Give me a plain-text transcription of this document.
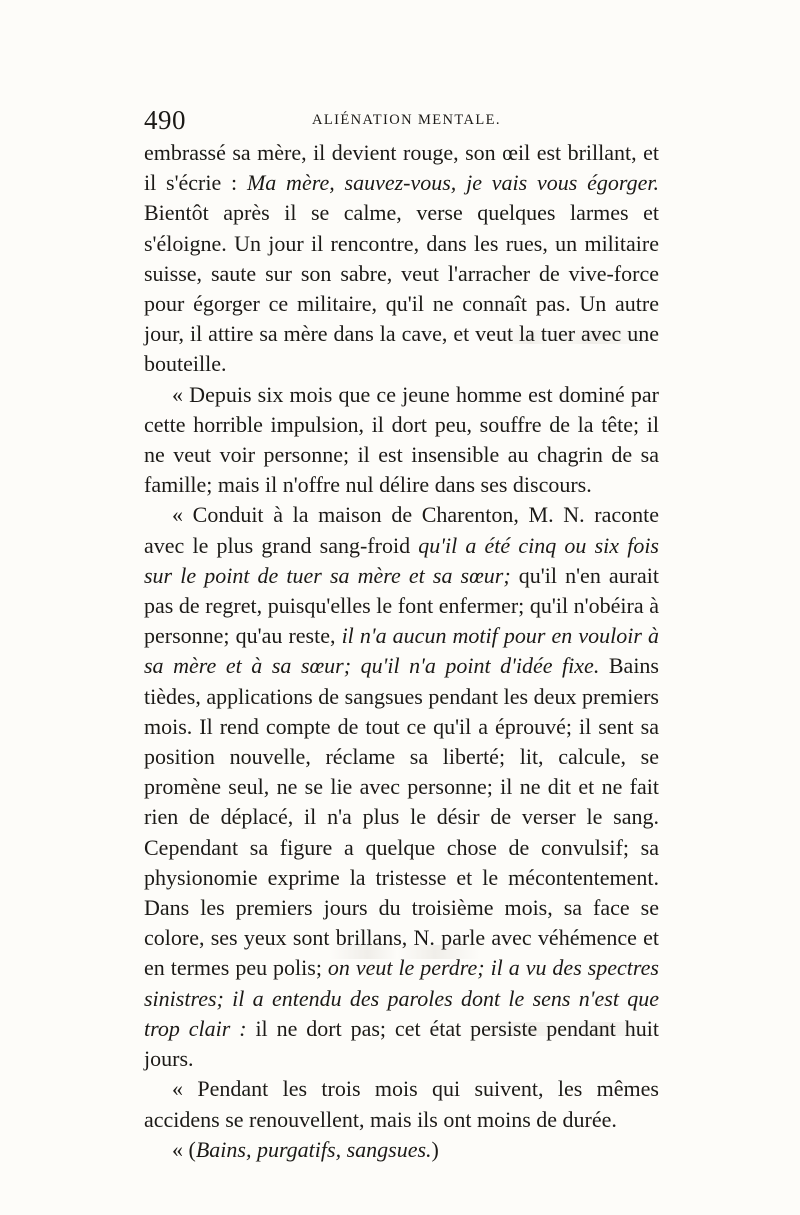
490	ALIÉNATION MENTALE.

embrassé sa mère, il devient rouge, son œil est brillant, et il s'écrie : Ma mère, sauvez-vous, je vais vous égorger. Bientôt après il se calme, verse quelques larmes et s'éloigne. Un jour il rencontre, dans les rues, un militaire suisse, saute sur son sabre, veut l'arracher de vive-force pour égorger ce militaire, qu'il ne connaît pas. Un autre jour, il attire sa mère dans la cave, et veut la tuer avec une bouteille.

« Depuis six mois que ce jeune homme est dominé par cette horrible impulsion, il dort peu, souffre de la tête; il ne veut voir personne; il est insensible au chagrin de sa famille; mais il n'offre nul délire dans ses discours.

« Conduit à la maison de Charenton, M. N. raconte avec le plus grand sang-froid qu'il a été cinq ou six fois sur le point de tuer sa mère et sa sœur; qu'il n'en aurait pas de regret, puisqu'elles le font enfermer; qu'il n'obéira à personne; qu'au reste, il n'a aucun motif pour en vouloir à sa mère et à sa sœur; qu'il n'a point d'idée fixe. Bains tièdes, applications de sangsues pendant les deux premiers mois. Il rend compte de tout ce qu'il a éprouvé; il sent sa position nouvelle, réclame sa liberté; lit, calcule, se promène seul, ne se lie avec personne; il ne dit et ne fait rien de déplacé, il n'a plus le désir de verser le sang. Cependant sa figure a quelque chose de convulsif; sa physionomie exprime la tristesse et le mécontentement. Dans les premiers jours du troisième mois, sa face se colore, ses yeux sont brillans, N. parle avec véhémence et en termes peu polis; on veut le perdre; il a vu des spectres sinistres; il a entendu des paroles dont le sens n'est que trop clair : il ne dort pas; cet état persiste pendant huit jours.

« Pendant les trois mois qui suivent, les mêmes accidens se renouvellent, mais ils ont moins de durée.

« (Bains, purgatifs, sangsues.)
